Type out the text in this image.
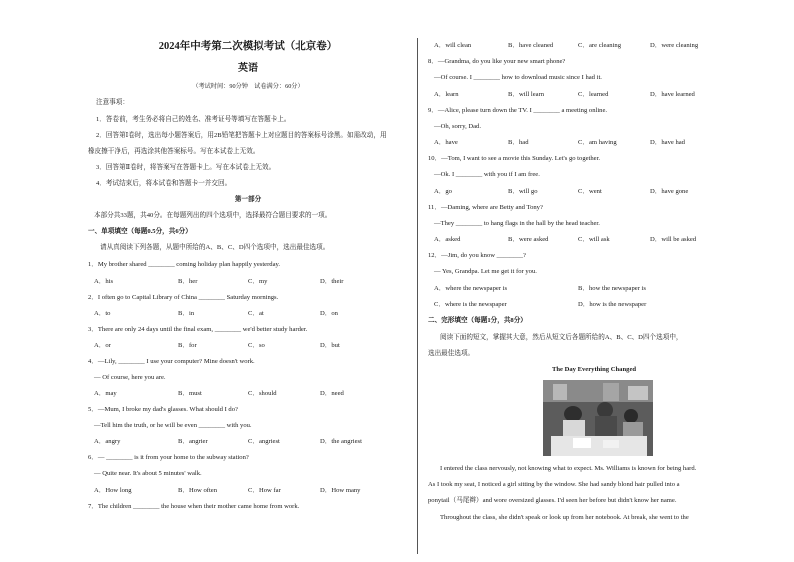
2024年中考第二次模拟考试（北京卷）
英语
（考试时间：90分钟　试卷满分：60分）
注意事项：
1．答卷前，考生务必将自己的姓名、准考证号等填写在答题卡上。
2．回答第Ⅰ卷时，选出每小题答案后，用2B铅笔把答题卡上对应题目的答案标号涂黑。如需改动，用
橡皮擦干净后，再选涂其他答案标号。写在本试卷上无效。
3．回答第Ⅱ卷时，将答案写在答题卡上。写在本试卷上无效。
4．考试结束后，将本试卷和答题卡一并交回。
第一部分
本部分共33题，共40分。在每题列出的四个选项中，选择最符合题目要求的一项。
一、单项填空（每题0.5分，共6分）
请从真阅读下列各题，从题中所给的A、B、C、D四个选项中，选出最佳选项。
1．My brother shared ________ coming holiday plan happily yesterday.
A．his	B．her	C．my	D．their
2．I often go to Capital Library of China ________ Saturday mornings.
A．to	B．in	C．at	D．on
3．There are only 24 days until the final exam, ________ we'd better study harder.
A．or	B．for	C．so	D．but
4．—Lily, ________ I use your computer? Mine doesn't work.
— Of course, here you are.
A．may	B．must	C．should	D．need
5．—Mum, I broke my dad's glasses. What should I do?
—Tell him the truth, or he will be even ________ with you.
A．angry	B．angrier	C．angriest	D．the angriest
6．— ________ is it from your home to the subway station?
— Quite near. It's about 5 minutes' walk.
A．How long	B．How often	C．How far	D．How many
7．The children ________ the house when their mother came home from work.
A．will clean	B．have cleaned	C．are cleaning	D．were cleaning
8．—Grandma, do you like your new smart phone?
—Of course. I ________ how to download music since I had it.
A．learn	B．will learn	C．learned	D．have learned
9．—Alice, please turn down the TV. I ________ a meeting online.
—Oh, sorry, Dad.
A．have	B．had	C．am having	D．have had
10．—Tom, I want to see a movie this Sunday. Let's go together.
—Ok. I ________ with you if I am free.
A．go	B．will go	C．went	D．have gone
11．—Daming, where are Betty and Tony?
—They ________ to hang flags in the hall by the head teacher.
A．asked	B．were asked	C．will ask	D．will be asked
12．—Jim, do you know ________?
— Yes, Grandpa. Let me get it for you.
A．where the newspaper is	B．how the newspaper is
C．where is the newspaper	D．how is the newspaper
二、完形填空（每题1分，共8分）
阅读下面的短文，掌握其大意，然后从短文后各题所给的A、B、C、D四个选项中，
选出最佳选项。
The Day Everything Changed
I entered the class nervously, not knowing what to expect. Ms. Williams is known for being hard.
As I took my seat, I noticed a girl sitting by the window. She had sandy blond hair pulled into a
ponytail（马尾辫）and wore oversized glasses. I'd seen her before but didn't know her name.
Throughout the class, she didn't speak or look up from her notebook. At break, she went to the
